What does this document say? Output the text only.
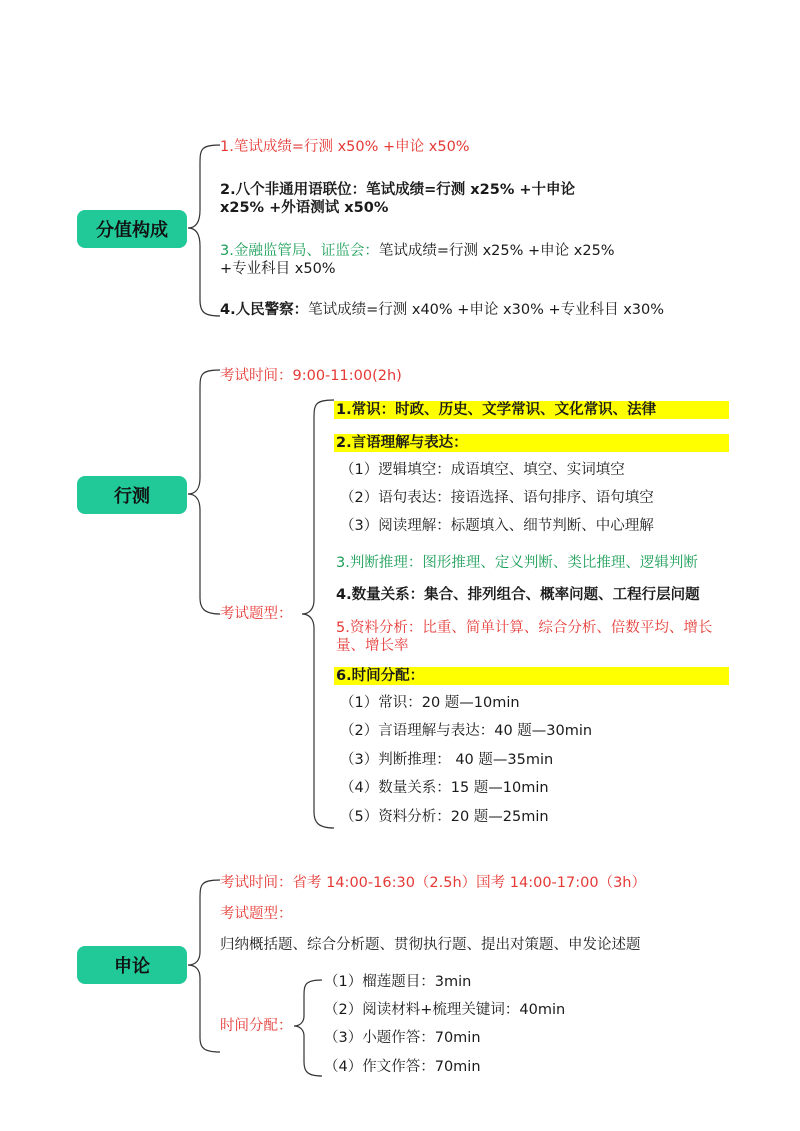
分值构成
1.笔试成绩=行测 x50% +申论 x50%
2.八个非通用语联位：笔试成绩=行测 x25% +十申论
x25% +外语测试 x50%
3.金融监管局、证监会：笔试成绩=行测 x25% +申论 x25%
+专业科目 x50%
4.人民警察：笔试成绩=行测 x40% +申论 x30% +专业科目 x30%
行测
考试时间：9:00-11:00(2h)
考试题型：
1.常识：时政、历史、文学常识、文化常识、法律
2.言语理解与表达：
（1）逻辑填空：成语填空、填空、实词填空
（2）语句表达：接语选择、语句排序、语句填空
（3）阅读理解：标题填入、细节判断、中心理解
3.判断推理：图形推理、定义判断、类比推理、逻辑判断
4.数量关系：集合、排列组合、概率问题、工程行层问题
5.资料分析：比重、简单计算、综合分析、倍数平均、增长
量、增长率
6.时间分配：
（1）常识：20 题—10min
（2）言语理解与表达：40 题—30min
（3）判断推理： 40 题—35min
（4）数量关系：15 题—10min
（5）资料分析：20 题—25min
申论
考试时间：省考 14:00-16:30（2.5h）国考 14:00-17:00（3h）
考试题型：
归纳概括题、综合分析题、贯彻执行题、提出对策题、申发论述题
时间分配：
（1）榴莲题目：3min
（2）阅读材料+梳理关键词：40min
（3）小题作答：70min
（4）作文作答：70min
